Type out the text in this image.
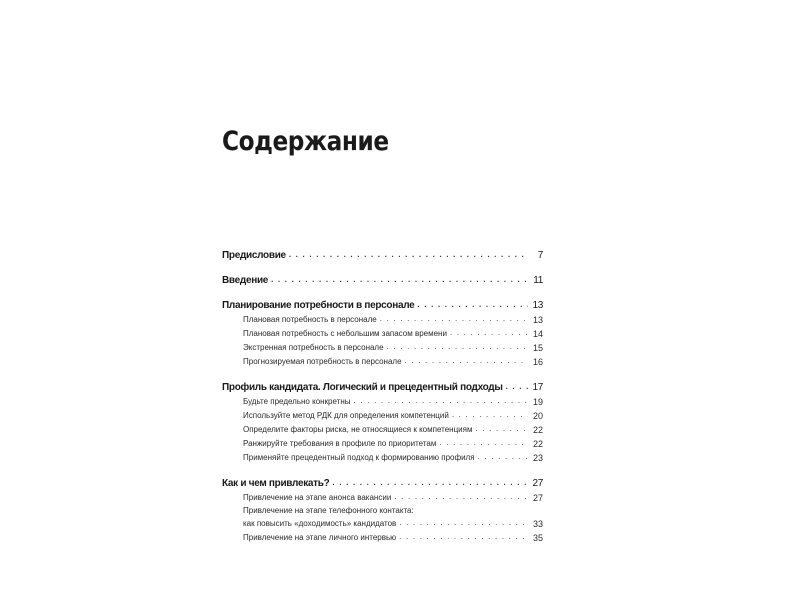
Содержание
Предисловие . . .	7
Введение . . .	11
Планирование потребности в персонале . . .	13
Плановая потребность в персонале . . .	13
Плановая потребность с небольшим запасом времени . . .	14
Экстренная потребность в персонале . . .	15
Прогнозируемая потребность в персонале . . .	16
Профиль кандидата. Логический и прецедентный подходы . . .	17
Будьте предельно конкретны . . .	19
Используйте метод РДК для определения компетенций . . .	20
Определите факторы риска, не относящиеся к компетенциям . . .	22
Ранжируйте требования в профиле по приоритетам . . .	22
Применяйте прецедентный подход к формированию профиля . . .	23
Как и чем привлекать? . . .	27
Привлечение на этапе анонса вакансии . . .	27
Привлечение на этапе телефонного контакта:
как повысить «доходимость» кандидатов . . .	33
Привлечение на этапе личного интервью . . .	35
